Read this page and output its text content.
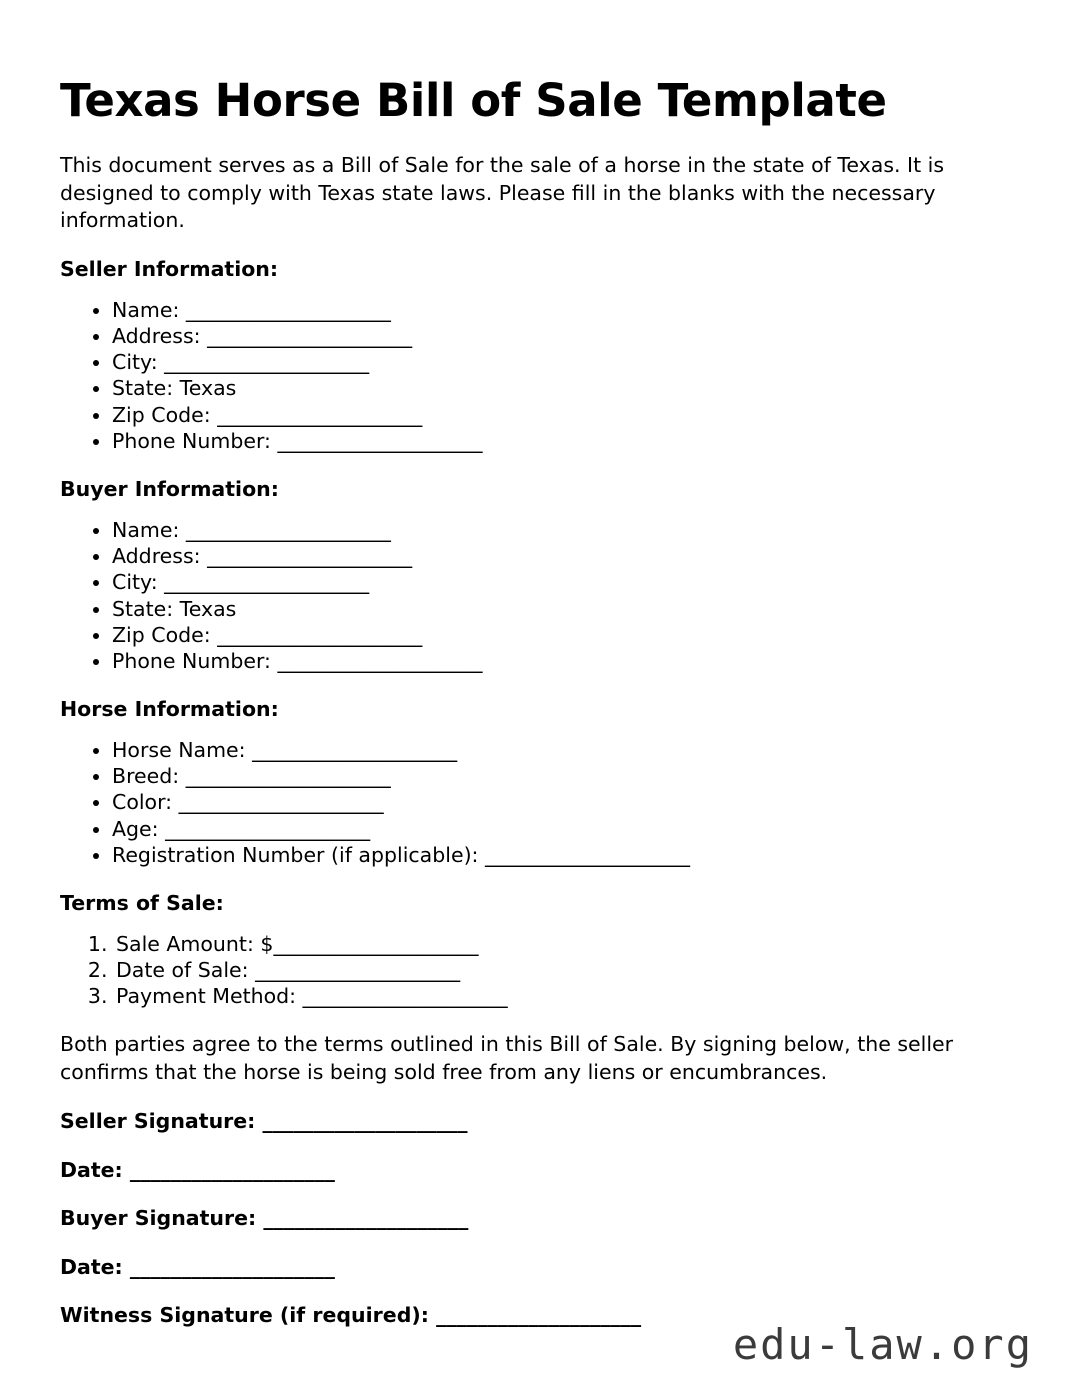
Texas Horse Bill of Sale Template

This document serves as a Bill of Sale for the sale of a horse in the state of Texas. It is designed to comply with Texas state laws. Please fill in the blanks with the necessary information.

Seller Information:
• Name: ____________________
• Address: ____________________
• City: ____________________
• State: Texas
• Zip Code: ____________________
• Phone Number: ____________________
Buyer Information:
• Name: ____________________
• Address: ____________________
• City: ____________________
• State: Texas
• Zip Code: ____________________
• Phone Number: ____________________
Horse Information:
• Horse Name: ____________________
• Breed: ____________________
• Color: ____________________
• Age: ____________________
• Registration Number (if applicable): ____________________
Terms of Sale:
1. Sale Amount: $____________________
2. Date of Sale: ____________________
3. Payment Method: ____________________

Both parties agree to the terms outlined in this Bill of Sale. By signing below, the seller confirms that the horse is being sold free from any liens or encumbrances.

Seller Signature: ____________________
Date: ____________________
Buyer Signature: ____________________
Date: ____________________
Witness Signature (if required): ____________________
edu-law.org
